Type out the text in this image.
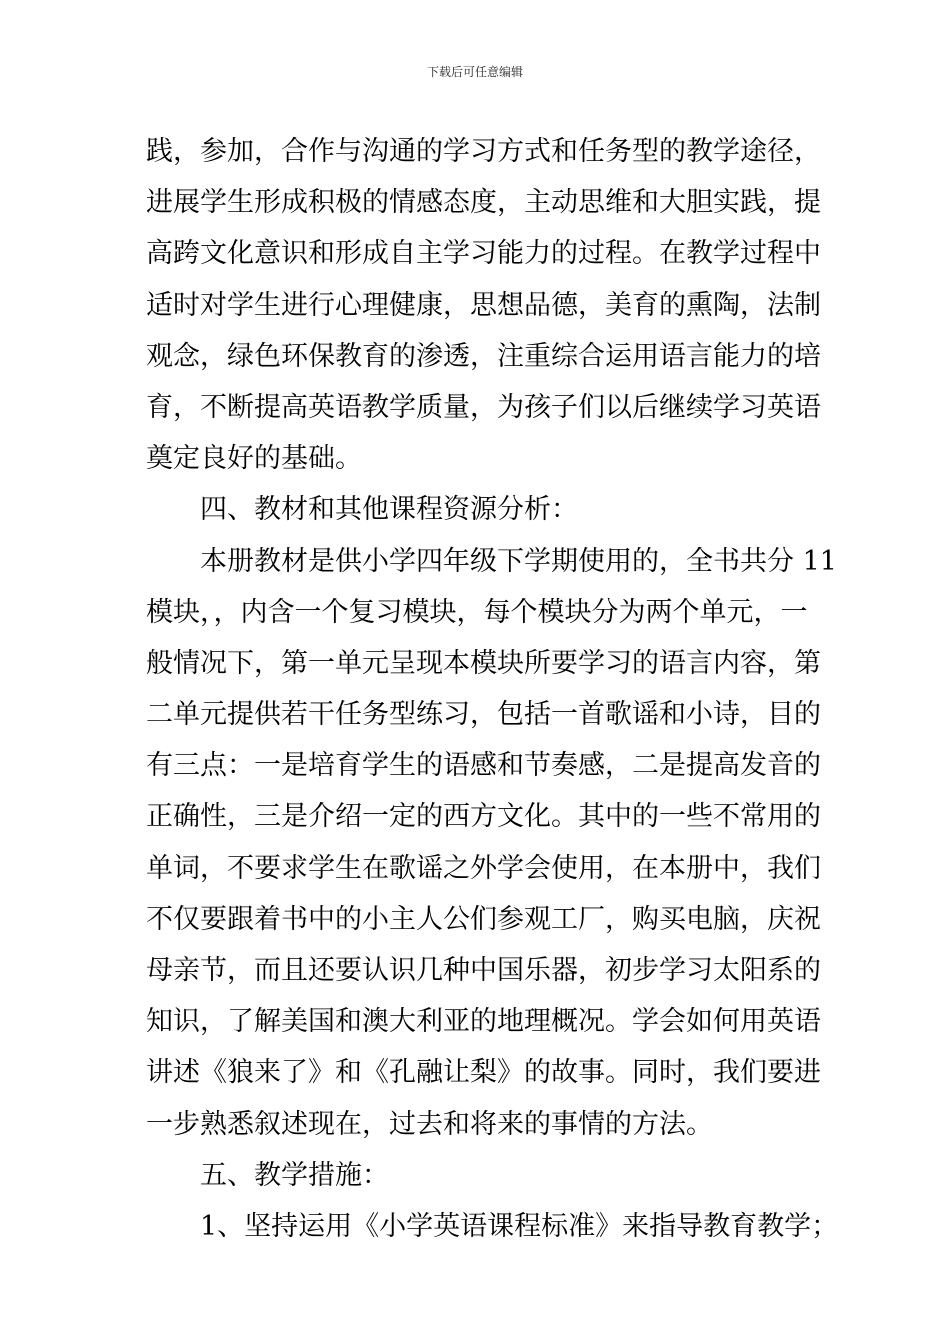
下载后可任意编辑
践，参加，合作与沟通的学习方式和任务型的教学途径，
进展学生形成积极的情感态度，主动思维和大胆实践，提
高跨文化意识和形成自主学习能力的过程。在教学过程中
适时对学生进行心理健康，思想品德，美育的熏陶，法制
观念，绿色环保教育的渗透，注重综合运用语言能力的培
育，不断提高英语教学质量，为孩子们以后继续学习英语
奠定良好的基础。
四、教材和其他课程资源分析：
本册教材是供小学四年级下学期使用的，全书共分 11
模块，，内含一个复习模块，每个模块分为两个单元，一
般情况下，第一单元呈现本模块所要学习的语言内容，第
二单元提供若干任务型练习，包括一首歌谣和小诗，目的
有三点：一是培育学生的语感和节奏感，二是提高发音的
正确性，三是介绍一定的西方文化。其中的一些不常用的
单词，不要求学生在歌谣之外学会使用，在本册中，我们
不仅要跟着书中的小主人公们参观工厂，购买电脑，庆祝
母亲节，而且还要认识几种中国乐器，初步学习太阳系的
知识，了解美国和澳大利亚的地理概况。学会如何用英语
讲述《狼来了》和《孔融让梨》的故事。同时，我们要进
一步熟悉叙述现在，过去和将来的事情的方法。
五、教学措施：
1、坚持运用《小学英语课程标准》来指导教育教学；
